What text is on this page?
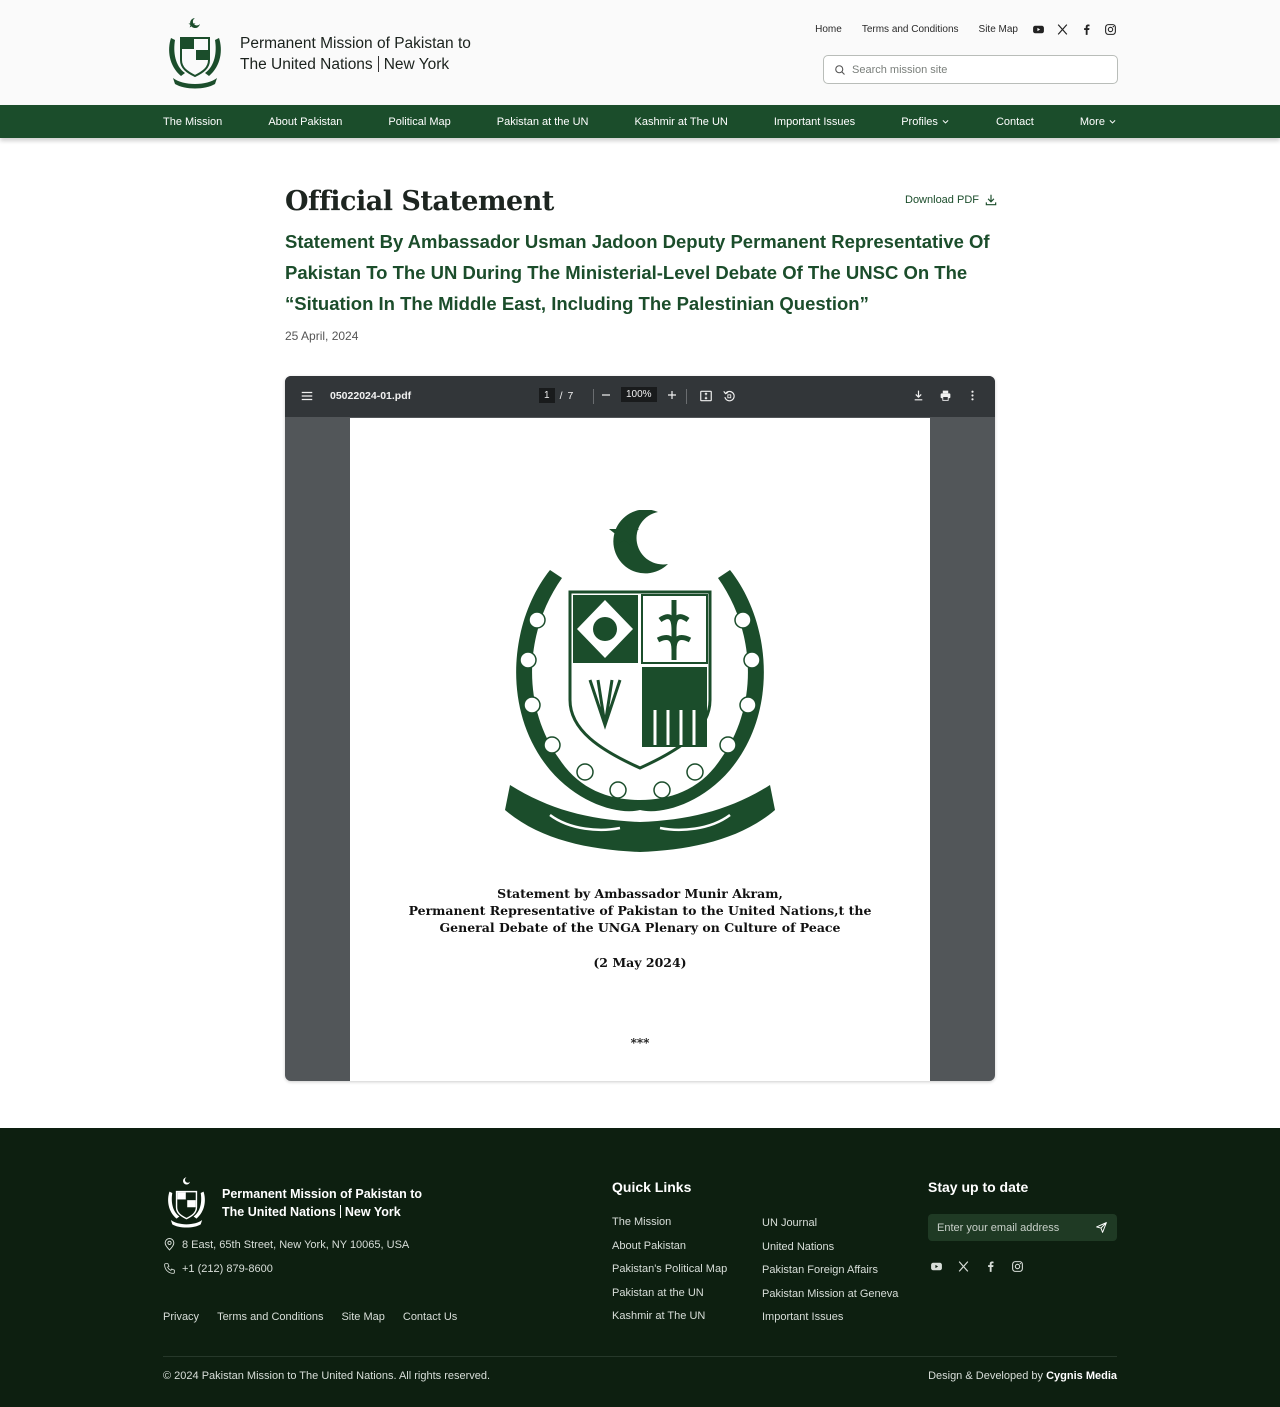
Permanent Mission of Pakistan to
The United Nations New York
Home Terms and Conditions Site Map
Search mission site
The Mission	About Pakistan	Political Map	Pakistan at the UN	Kashmir at The UN	Important Issues	Profiles	Contact	More
Official Statement	Download PDF
Statement By Ambassador Usman Jadoon Deputy Permanent Representative Of Pakistan To The UN During The Ministerial-Level Debate Of The UNSC On The “Situation In The Middle East, Including The Palestinian Question”
25 April, 2024
05022024-01.pdf	1 / 7	100%
Statement by Ambassador Munir Akram,
Permanent Representative of Pakistan to the United Nations,t the
General Debate of the UNGA Plenary on Culture of Peace
(2 May 2024)
***
Permanent Mission of Pakistan to
The United Nations New York
8 East, 65th Street, New York, NY 10065, USA
+1 (212) 879-8600
Privacy Terms and Conditions Site Map Contact Us
Quick Links
The Mission
About Pakistan
Pakistan's Political Map
Pakistan at the UN
Kashmir at The UN
UN Journal
United Nations
Pakistan Foreign Affairs
Pakistan Mission at Geneva
Important Issues
Stay up to date
Enter your email address
© 2024 Pakistan Mission to The United Nations. All rights reserved.	Design & Developed by Cygnis Media
